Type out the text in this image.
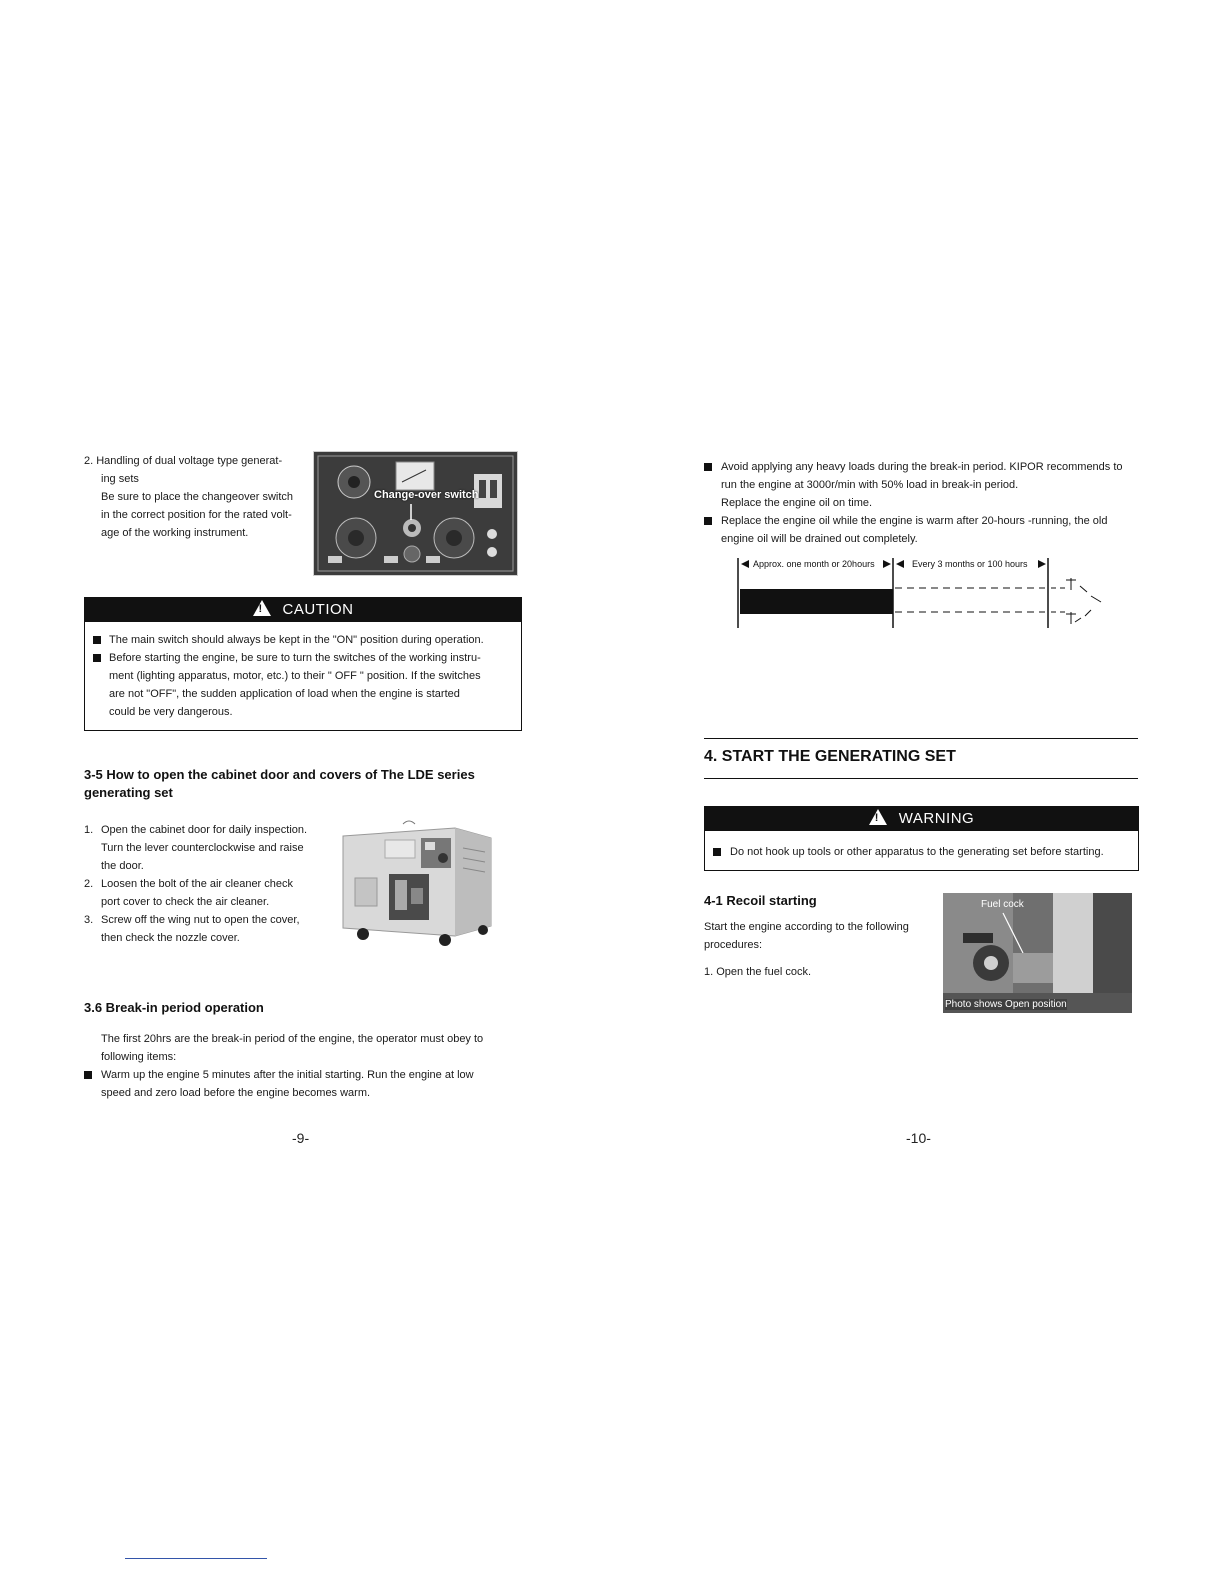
2. Handling of dual voltage type generat-
ing sets
Be sure to place the changeover switch
in the correct position for the rated volt-
age of the working instrument.
Change-over switch
! CAUTION
The main switch should always be kept in the "ON" position during operation.
Before starting the engine, be sure to turn the switches of the working instru-
ment (lighting apparatus, motor, etc.) to their " OFF " position. If the switches
are not "OFF", the sudden application of load when the engine is started
could be very dangerous.
3-5 How to open the cabinet door and covers of The LDE series
generating set
1. Open the cabinet door for daily inspection.
Turn the lever counterclockwise and raise
the door.
2. Loosen the bolt of the air cleaner check
port cover to check the air cleaner.
3. Screw off the wing nut to open the cover,
then check the nozzle cover.
3.6 Break-in period operation
The first 20hrs are the break-in period of the engine, the operator must obey to
following items:
Warm up the engine 5 minutes after the initial starting. Run the engine at low
speed and zero load before the engine becomes warm.
-9-
Avoid applying any heavy loads during the break-in period. KIPOR recommends to
run the engine at 3000r/min with 50% load in break-in period.
Replace the engine oil on time.
Replace the engine oil while the engine is warm after 20-hours -running, the old
engine oil will be drained out completely.
Approx. one month or 20hours	Every 3 months or 100 hours
4. START THE GENERATING SET
! WARNING
Do not hook up tools or other apparatus to the generating set before starting.
4-1 Recoil starting
Start the engine according to the following
procedures:
1. Open the fuel cock.
Fuel cock
Photo shows Open position
-10-
